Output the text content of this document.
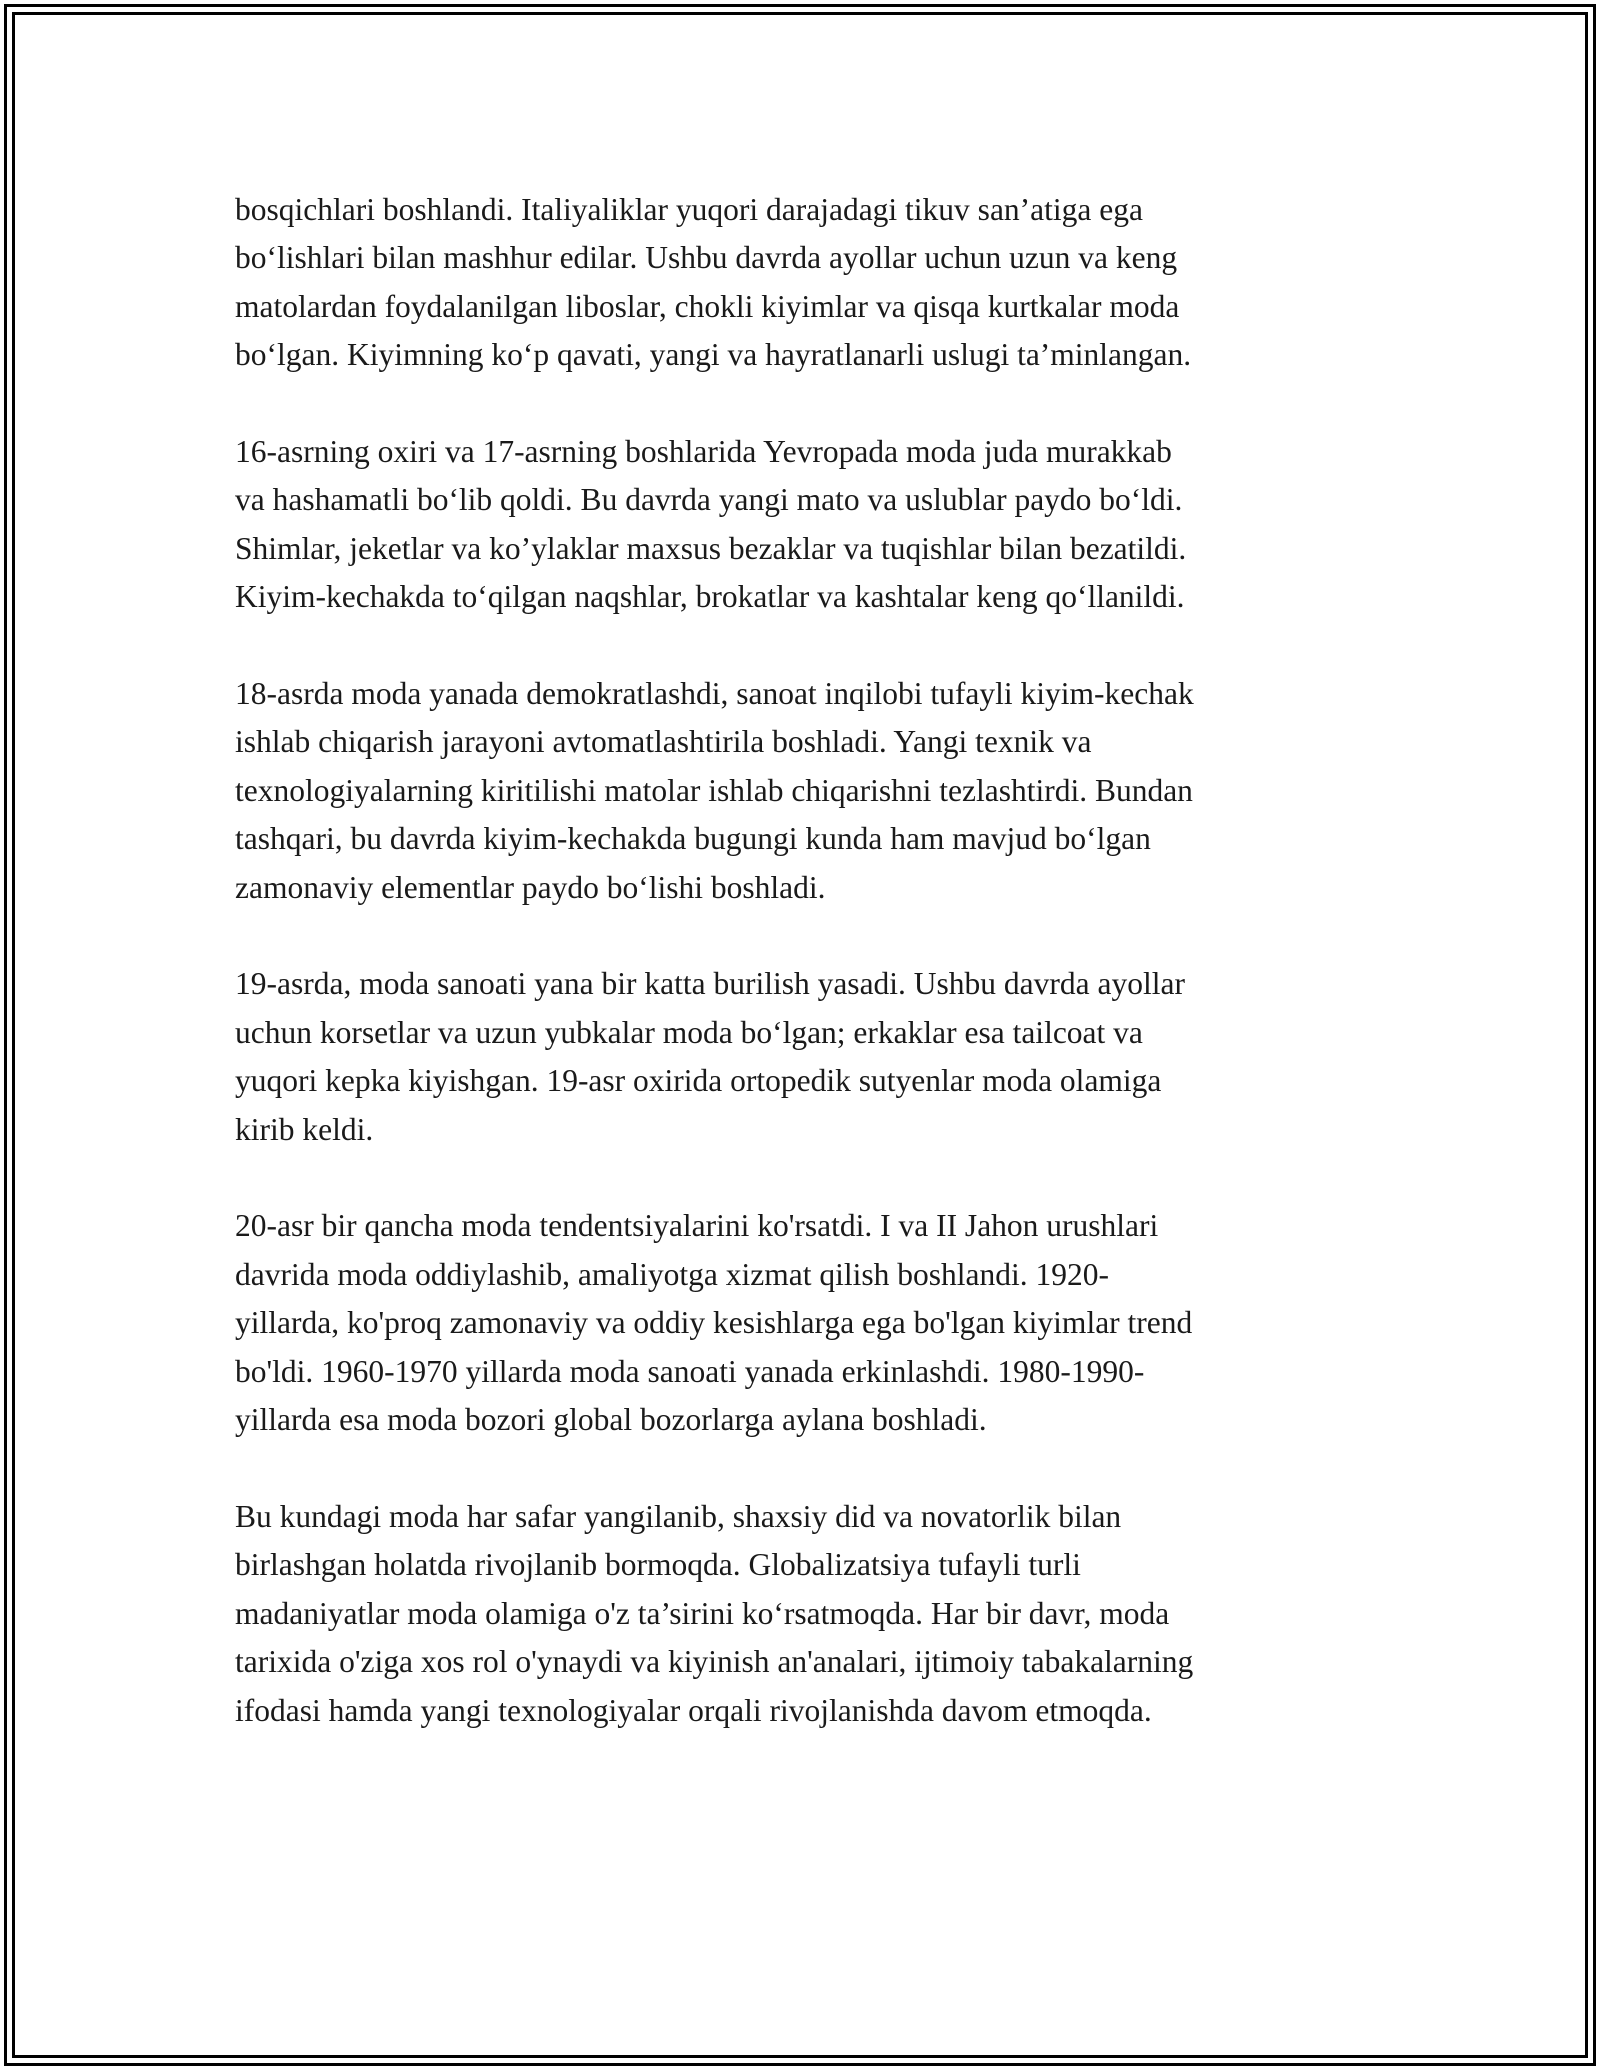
bosqichlari boshlandi. Italiyaliklar yuqori darajadagi tikuv san’atiga ega
bo‘lishlari bilan mashhur edilar. Ushbu davrda ayollar uchun uzun va keng
matolardan foydalanilgan liboslar, chokli kiyimlar va qisqa kurtkalar moda
bo‘lgan. Kiyimning ko‘p qavati, yangi va hayratlanarli uslugi ta’minlangan.

16-asrning oxiri va 17-asrning boshlarida Yevropada moda juda murakkab
va hashamatli bo‘lib qoldi. Bu davrda yangi mato va uslublar paydo bo‘ldi.
Shimlar, jeketlar va ko’ylaklar maxsus bezaklar va tuqishlar bilan bezatildi.
Kiyim-kechakda to‘qilgan naqshlar, brokatlar va kashtalar keng qo‘llanildi.

18-asrda moda yanada demokratlashdi, sanoat inqilobi tufayli kiyim-kechak
ishlab chiqarish jarayoni avtomatlashtirila boshladi. Yangi texnik va
texnologiyalarning kiritilishi matolar ishlab chiqarishni tezlashtirdi. Bundan
tashqari, bu davrda kiyim-kechakda bugungi kunda ham mavjud bo‘lgan
zamonaviy elementlar paydo bo‘lishi boshladi.

19-asrda, moda sanoati yana bir katta burilish yasadi. Ushbu davrda ayollar
uchun korsetlar va uzun yubkalar moda bo‘lgan; erkaklar esa tailcoat va
yuqori kepka kiyishgan. 19-asr oxirida ortopedik sutyenlar moda olamiga
kirib keldi.

20-asr bir qancha moda tendentsiyalarini ko'rsatdi. I va II Jahon urushlari
davrida moda oddiylashib, amaliyotga xizmat qilish boshlandi. 1920-
yillarda, ko'proq zamonaviy va oddiy kesishlarga ega bo'lgan kiyimlar trend
bo'ldi. 1960-1970 yillarda moda sanoati yanada erkinlashdi. 1980-1990-
yillarda esa moda bozori global bozorlarga aylana boshladi.

Bu kundagi moda har safar yangilanib, shaxsiy did va novatorlik bilan
birlashgan holatda rivojlanib bormoqda. Globalizatsiya tufayli turli
madaniyatlar moda olamiga o'z ta’sirini ko‘rsatmoqda. Har bir davr, moda
tarixida o'ziga xos rol o'ynaydi va kiyinish an'analari, ijtimoiy tabakalarning
ifodasi hamda yangi texnologiyalar orqali rivojlanishda davom etmoqda.
